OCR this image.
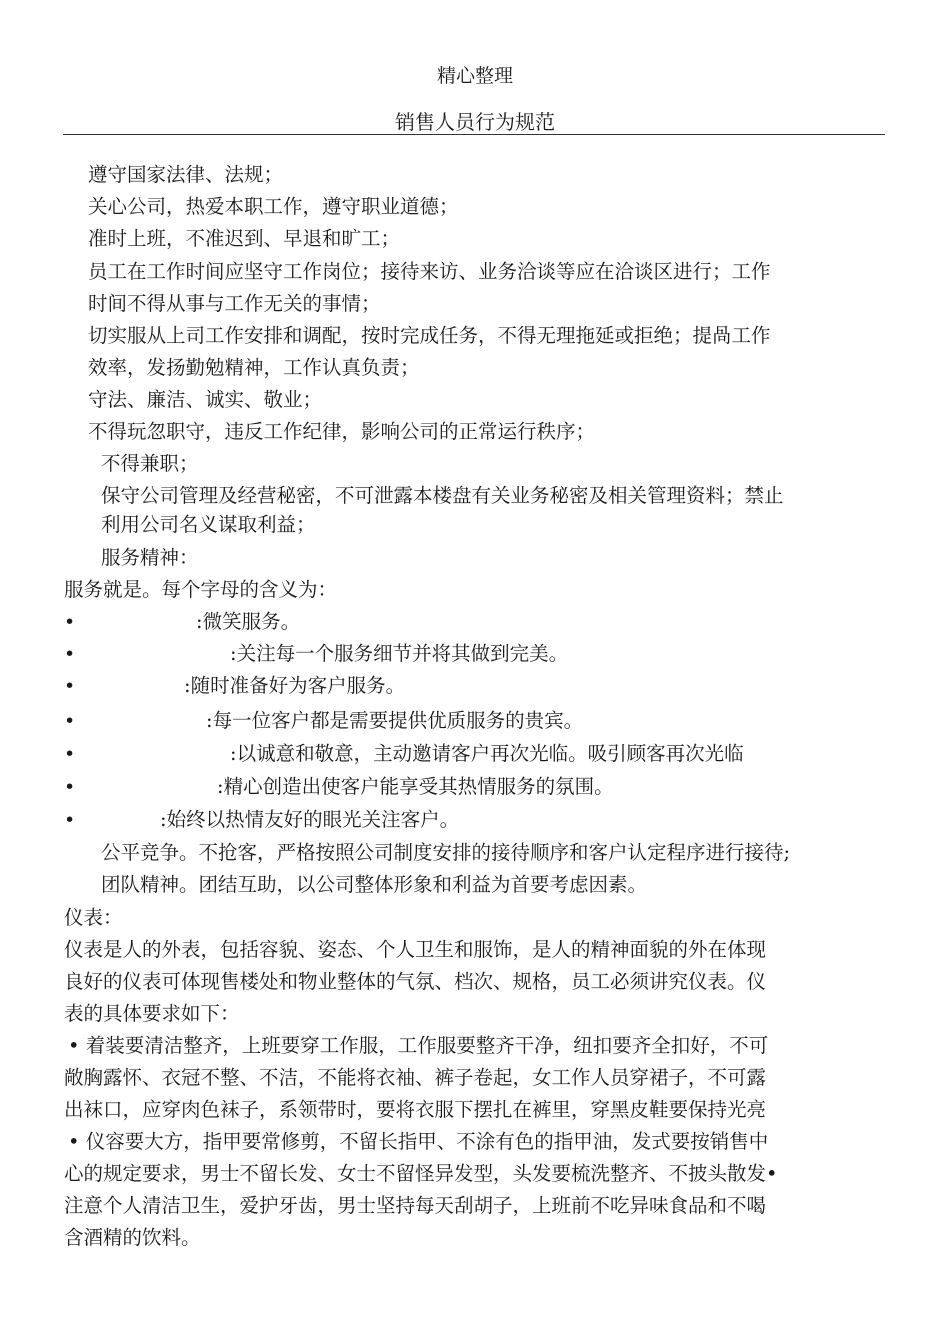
精心整理
销售人员行为规范
遵守国家法律、法规；
关心公司，热爱本职工作，遵守职业道德；
准时上班，不准迟到、早退和旷工；
员工在工作时间应坚守工作岗位；接待来访、业务洽谈等应在洽谈区进行；工作
时间不得从事与工作无关的事情；
切实服从上司工作安排和调配，按时完成任务，不得无理拖延或拒绝；提咼工作
效率，发扬勤勉精神，工作认真负责；
守法、廉洁、诚实、敬业；
不得玩忽职守，违反工作纪律，影响公司的正常运行秩序；
不得兼职；
保守公司管理及经营秘密，不可泄露本楼盘有关业务秘密及相关管理资料；禁止
利用公司名义谋取利益；
服务精神：
服务就是。每个字母的含义为：
•	:微笑服务。
•	:关注每一个服务细节并将其做到完美。
•	:随时准备好为客户服务。
•	:每一位客户都是需要提供优质服务的贵宾。
•	:以诚意和敬意，主动邀请客户再次光临。吸引顾客再次光临
•	:精心创造出使客户能享受其热情服务的氛围。
•	:始终以热情友好的眼光关注客户。
公平竞争。不抢客，严格按照公司制度安排的接待顺序和客户认定程序进行接待;
团队精神。团结互助，以公司整体形象和利益为首要考虑因素。
仪表：
仪表是人的外表，包括容貌、姿态、个人卫生和服饰，是人的精神面貌的外在体现
良好的仪表可体现售楼处和物业整体的气氛、档次、规格，员工必须讲究仪表。仪
表的具体要求如下：
• 着装要清洁整齐，上班要穿工作服，工作服要整齐干净，纽扣要齐全扣好，不可
敞胸露怀、衣冠不整、不洁，不能将衣袖、裤子卷起，女工作人员穿裙子，不可露
出袜口，应穿肉色袜子，系领带时，要将衣服下摆扎在裤里，穿黑皮鞋要保持光亮
• 仪容要大方，指甲要常修剪，不留长指甲、不涂有色的指甲油，发式要按销售中
心的规定要求，男士不留长发、女士不留怪异发型，头发要梳洗整齐、不披头散发•
注意个人清洁卫生，爱护牙齿，男士坚持每天刮胡子，上班前不吃异味食品和不喝
含酒精的饮料。
